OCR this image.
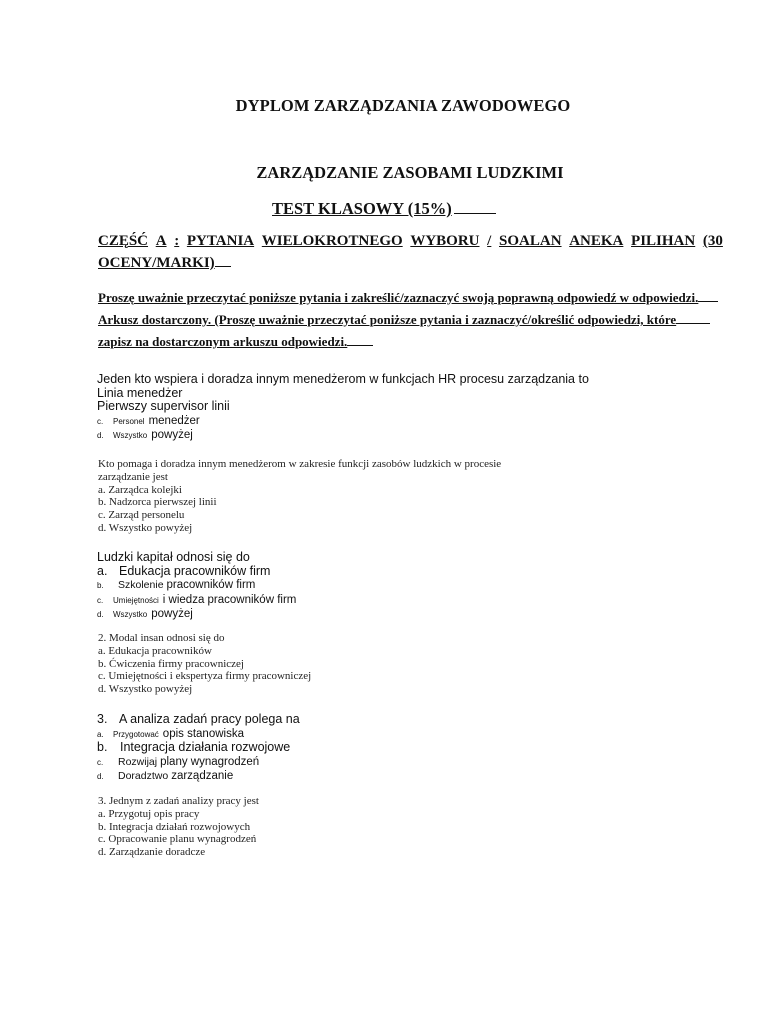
DYPLOM ZARZĄDZANIA ZAWODOWEGO
ZARZĄDZANIE ZASOBAMI LUDZKIMI
TEST KLASOWY (15%)
CZĘŚĆ A : PYTANIA WIELOKROTNEGO WYBORU / SOALAN ANEKA PILIHAN (30
OCENY/MARKI)
Proszę uważnie przeczytać poniższe pytania i zakreślić/zaznaczyć swoją poprawną odpowiedź w odpowiedzi.
Arkusz dostarczony. (Proszę uważnie przeczytać poniższe pytania i zaznaczyć/określić odpowiedzi, które
zapisz na dostarczonym arkuszu odpowiedzi.
Jeden kto wspiera i doradza innym menedżerom w funkcjach HR procesu zarządzania to
Linia menedżer
Pierwszy supervisor linii
c. Personel menedżer
d. Wszystko powyżej
Kto pomaga i doradza innym menedżerom w zakresie funkcji zasobów ludzkich w procesie
zarządzanie jest
a. Zarządca kolejki
b. Nadzorca pierwszej linii
c. Zarząd personelu
d. Wszystko powyżej
Ludzki kapitał odnosi się do
a. Edukacja pracowników firm
b. Szkolenie pracowników firm
c. Umiejętności i wiedza pracowników firm
d. Wszystko powyżej
2. Modal insan odnosi się do
a. Edukacja pracowników
b. Ćwiczenia firmy pracowniczej
c. Umiejętności i ekspertyza firmy pracowniczej
d. Wszystko powyżej
3. A analiza zadań pracy polega na
a. Przygotować opis stanowiska
b. Integracja działania rozwojowe
c. Rozwijaj plany wynagrodzeń
d. Doradztwo zarządzanie
3. Jednym z zadań analizy pracy jest
a. Przygotuj opis pracy
b. Integracja działań rozwojowych
c. Opracowanie planu wynagrodzeń
d. Zarządzanie doradcze
